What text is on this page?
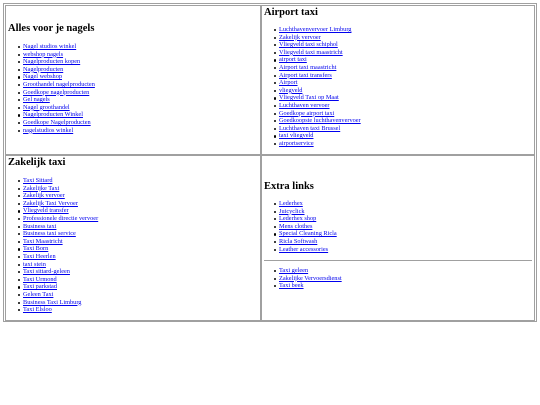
Alles voor je nagels
Nagel studios winkel
webshop nagels
Nagelproducten kopen
Nagelproducten
Nagel webshop
Groothandel nagelproducten
Goedkope nagelproducten
Gel nagels
Nagel groothandel
Nagelproducten Winkel
Goedkope Nagelproducten
nagelstudios winkel
Airport taxi
Luchthavenvervoer Limburg
Zakelijk vervoer
Vliegveld taxi schiphol
Vliegveld taxi maastricht
airport taxi
Airport taxi maastricht
Airport taxi transfers
Airport
vliegveld
Vliegveld Taxi op Maat
Luchthaven vervoer
Goedkope airport taxi
Goedkoopste luchthavenvervoer
Luchthaven taxi Brussel
taxi vliegveld
airportservice
Zakelijk taxi
Taxi Sittard
Zakelijke Taxi
Zakelijk vervoer
Zakelijk Taxi Vervoer
Vliegveld transfer
Professionele directie vervoer
Business taxi
Business taxi service
Taxi Maastricht
Taxi Born
Taxi Heerlen
taxi stein
Taxi sittard-geleen
Taxi Urmond
Taxi parkstad
Geleen Taxi
Business Taxi Limburg
Taxi Elsloo
Extra links
Lederhex
Juicyclick
Lederhex shop
Mens clothes
Special Cleaning Ricla
Ricla Softwash
Leather accessories
Taxi geleen
Zakelijke Vervoersdienst
Taxi beek
